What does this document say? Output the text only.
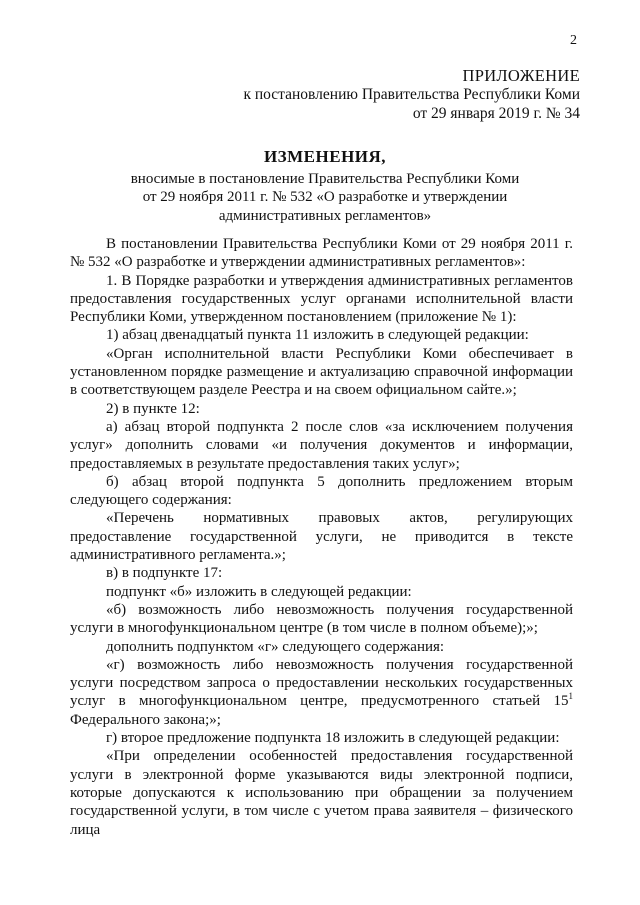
2
ПРИЛОЖЕНИЕ
к постановлению Правительства Республики Коми
от 29 января 2019 г. № 34
ИЗМЕНЕНИЯ,
вносимые в постановление Правительства Республики Коми
от 29 ноября 2011 г. № 532 «О разработке и утверждении
административных регламентов»

В постановлении Правительства Республики Коми от 29 ноября 2011 г. № 532 «О разработке и утверждении административных регламентов»:

1. В Порядке разработки и утверждения административных регламентов предоставления государственных услуг органами исполнительной власти Республики Коми, утвержденном постановлением (приложение № 1):

1) абзац двенадцатый пункта 11 изложить в следующей редакции:

«Орган исполнительной власти Республики Коми обеспечивает в установленном порядке размещение и актуализацию справочной информации в соответствующем разделе Реестра и на своем официальном сайте.»;

2) в пункте 12:

а) абзац второй подпункта 2 после слов «за исключением получения услуг» дополнить словами «и получения документов и информации, предоставляемых в результате предоставления таких услуг»;

б) абзац второй подпункта 5 дополнить предложением вторым следующего содержания:

«Перечень нормативных правовых актов, регулирующих предоставление государственной услуги, не приводится в тексте административного регламента.»;

в) в подпункте 17:

подпункт «б» изложить в следующей редакции:

«б) возможность либо невозможность получения государственной услуги в многофункциональном центре (в том числе в полном объеме);»;

дополнить подпунктом «г» следующего содержания:

«г) возможность либо невозможность получения государственной услуги посредством запроса о предоставлении нескольких государственных услуг в многофункциональном центре, предусмотренного статьей $15^1$ Федерального закона;»;

г) второе предложение подпункта 18 изложить в следующей редакции:

«При определении особенностей предоставления государственной услуги в электронной форме указываются виды электронной подписи, которые допускаются к использованию при обращении за получением государственной услуги, в том числе с учетом права заявителя – физического лица
